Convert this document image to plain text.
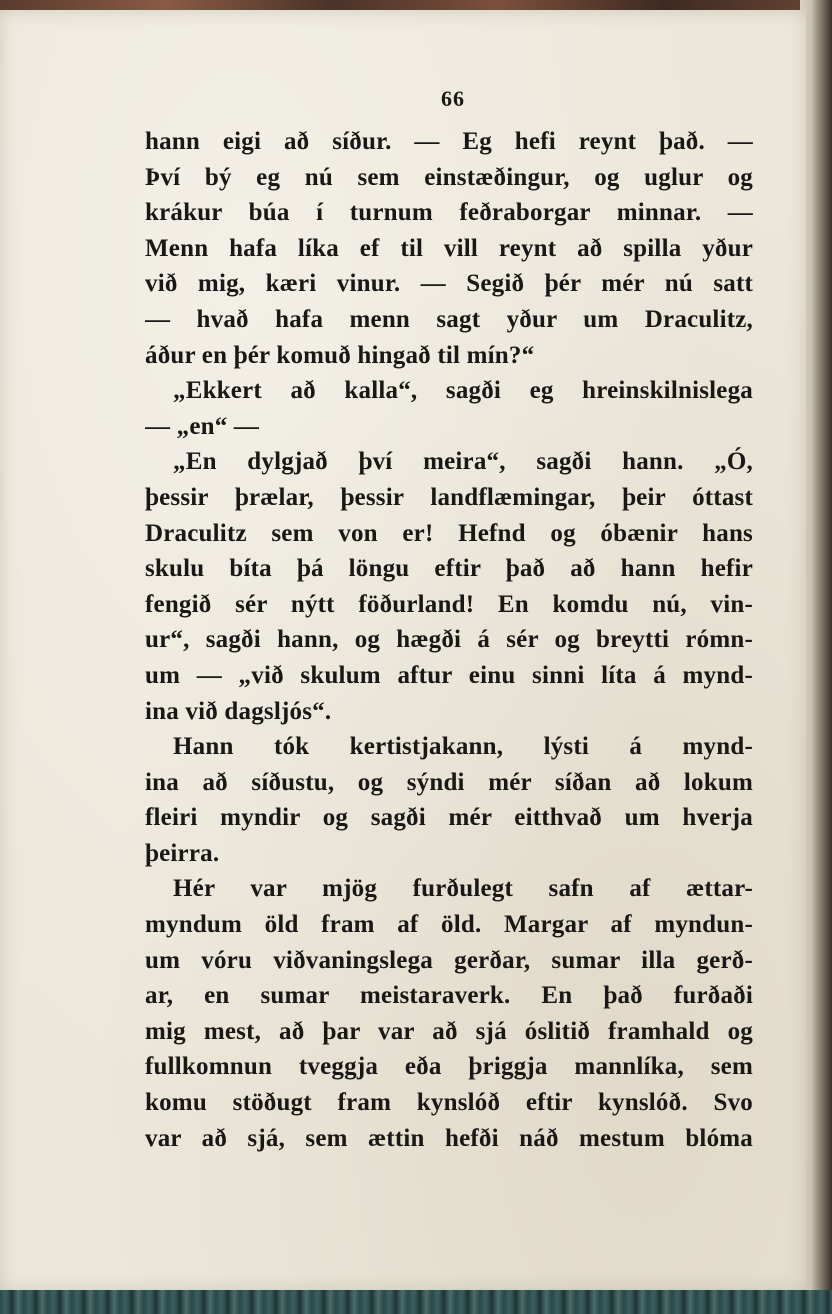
66
hann eigi að síður. — Eg hefi reynt það. —
Því bý eg nú sem einstæðingur, og uglur og
krákur búa í turnum feðraborgar minnar. —
Menn hafa líka ef til vill reynt að spilla yður
við mig, kæri vinur. — Segið þér mér nú satt
— hvað hafa menn sagt yður um Draculitz,
áður en þér komuð hingað til mín?“
„Ekkert að kalla“, sagði eg hreinskilnislega
— „en“ —
„En dylgjað því meira“, sagði hann. „Ó,
þessir þrælar, þessir landflæmingar, þeir óttast
Draculitz sem von er! Hefnd og óbænir hans
skulu bíta þá löngu eftir það að hann hefir
fengið sér nýtt föðurland! En komdu nú, vin-
ur“, sagði hann, og hægði á sér og breytti rómn-
um — „við skulum aftur einu sinni líta á mynd-
ina við dagsljós“.
Hann tók kertistjakann, lýsti á mynd-
ina að síðustu, og sýndi mér síðan að lokum
fleiri myndir og sagði mér eitthvað um hverja
þeirra.
Hér var mjög furðulegt safn af ættar-
myndum öld fram af öld. Margar af myndun-
um vóru viðvaningslega gerðar, sumar illa gerð-
ar, en sumar meistaraverk. En það furðaði
mig mest, að þar var að sjá óslitið framhald og
fullkomnun tveggja eða þriggja mannlíka, sem
komu stöðugt fram kynslóð eftir kynslóð. Svo
var að sjá, sem ættin hefði náð mestum blóma
